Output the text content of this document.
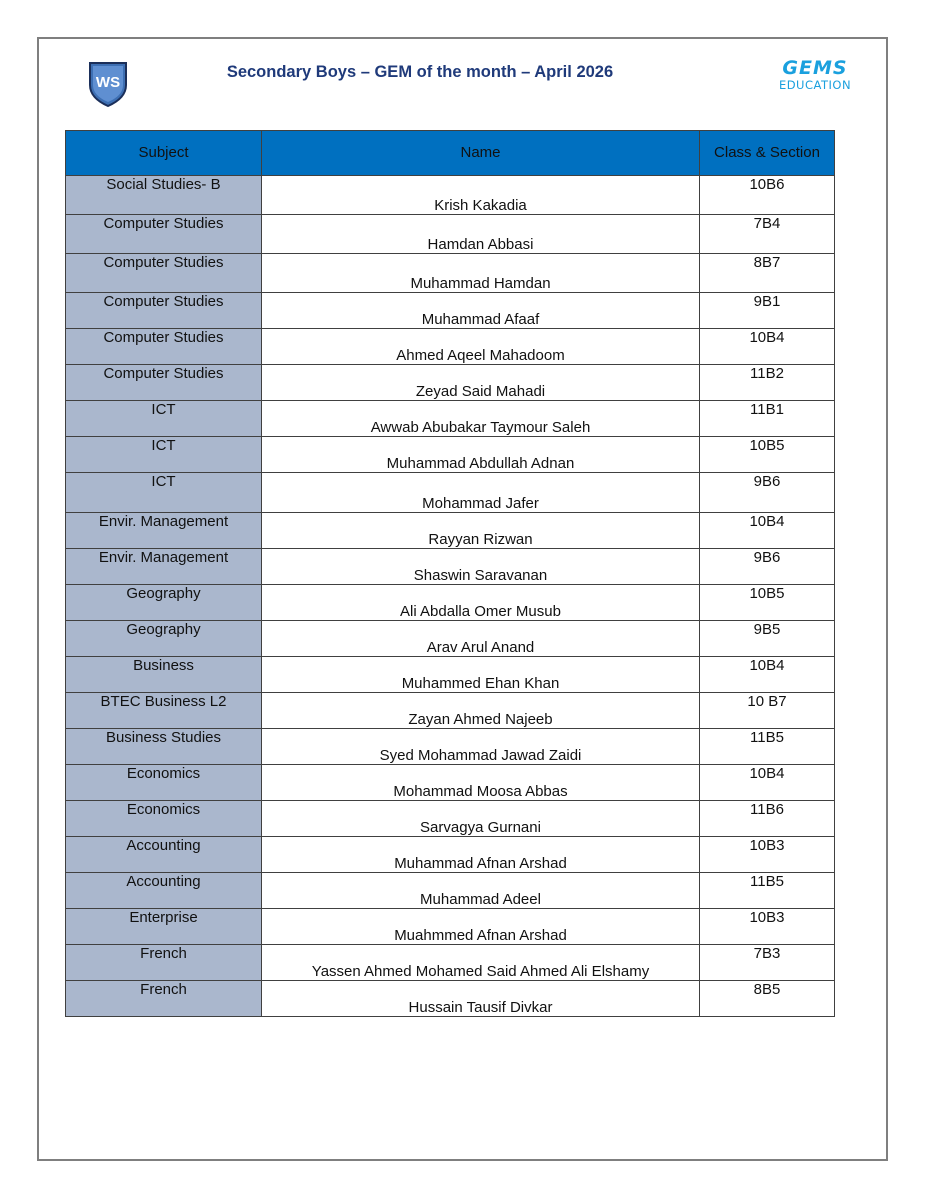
WS
Secondary Boys – GEM of the month – April 2026	GEMS
EDUCATION
Subject	Name	Class & Section
Social Studies- B	Krish Kakadia	10B6
Computer Studies	Hamdan Abbasi	7B4
Computer Studies	Muhammad Hamdan	8B7
Computer Studies	Muhammad Afaaf	9B1
Computer Studies	Ahmed Aqeel Mahadoom	10B4
Computer Studies	Zeyad Said Mahadi	11B2
ICT	Awwab Abubakar Taymour Saleh	11B1
ICT	Muhammad Abdullah Adnan	10B5
ICT	Mohammad Jafer	9B6
Envir. Management	Rayyan Rizwan	10B4
Envir. Management	Shaswin Saravanan	9B6
Geography	Ali Abdalla Omer Musub	10B5
Geography	Arav Arul Anand	9B5
Business	Muhammed Ehan Khan	10B4
BTEC Business L2	Zayan Ahmed Najeeb	10 B7
Business Studies	Syed Mohammad Jawad Zaidi	11B5
Economics	Mohammad Moosa Abbas	10B4
Economics	Sarvagya Gurnani	11B6
Accounting	Muhammad Afnan Arshad	10B3
Accounting	Muhammad Adeel	11B5
Enterprise	Muahmmed Afnan Arshad	10B3
French	Yassen Ahmed Mohamed Said Ahmed Ali Elshamy	7B3
French	Hussain Tausif Divkar	8B5
